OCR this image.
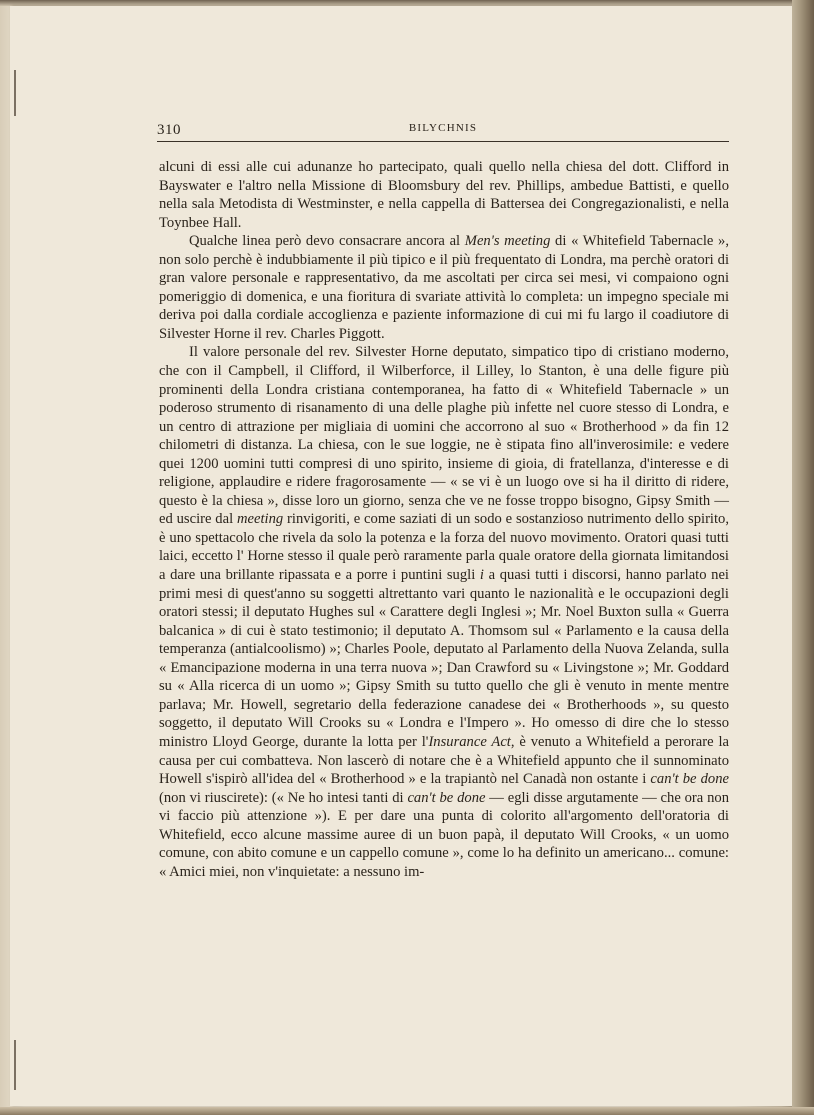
310	BILYCHNIS

alcuni di essi alle cui adunanze ho partecipato, quali quello nella chiesa del dott. Clifford in Bayswater e l'altro nella Missione di Bloomsbury del rev. Phillips, ambedue Battisti, e quello nella sala Metodista di Westminster, e nella cappella di Battersea dei Congregazionalisti, e nella Toynbee Hall.

Qualche linea però devo consacrare ancora al Men's meeting di « Whitefield Tabernacle », non solo perchè è indubbiamente il più tipico e il più frequentato di Londra, ma perchè oratori di gran valore personale e rappresentativo, da me ascoltati per circa sei mesi, vi compaiono ogni pomeriggio di domenica, e una fioritura di svariate attività lo completa: un impegno speciale mi deriva poi dalla cordiale accoglienza e paziente informazione di cui mi fu largo il coadiutore di Silvester Horne il rev. Charles Piggott.

Il valore personale del rev. Silvester Horne deputato, simpatico tipo di cristiano moderno, che con il Campbell, il Clifford, il Wilberforce, il Lilley, lo Stanton, è una delle figure più prominenti della Londra cristiana contemporanea, ha fatto di « Whitefield Tabernacle » un poderoso strumento di risanamento di una delle plaghe più infette nel cuore stesso di Londra, e un centro di attrazione per migliaia di uomini che accorrono al suo « Brotherhood » da fin 12 chilometri di distanza. La chiesa, con le sue loggie, ne è stipata fino all'inverosimile: e vedere quei 1200 uomini tutti compresi di uno spirito, insieme di gioia, di fratellanza, d'interesse e di religione, applaudire e ridere fragorosamente — « se vi è un luogo ove si ha il diritto di ridere, questo è la chiesa », disse loro un giorno, senza che ve ne fosse troppo bisogno, Gipsy Smith — ed uscire dal meeting rinvigoriti, e come saziati di un sodo e sostanzioso nutrimento dello spirito, è uno spettacolo che rivela da solo la potenza e la forza del nuovo movimento. Oratori quasi tutti laici, eccetto l' Horne stesso il quale però raramente parla quale oratore della giornata limitandosi a dare una brillante ripassata e a porre i puntini sugli i a quasi tutti i discorsi, hanno parlato nei primi mesi di quest'anno su soggetti altrettanto vari quanto le nazionalità e le occupazioni degli oratori stessi; il deputato Hughes sul « Carattere degli Inglesi »; Mr. Noel Buxton sulla « Guerra balcanica » di cui è stato testimonio; il deputato A. Thomsom sul « Parlamento e la causa della temperanza (antialcoolismo) »; Charles Poole, deputato al Parlamento della Nuova Zelanda, sulla « Emancipazione moderna in una terra nuova »; Dan Crawford su « Livingstone »; Mr. Goddard su « Alla ricerca di un uomo »; Gipsy Smith su tutto quello che gli è venuto in mente mentre parlava; Mr. Howell, segretario della federazione canadese dei « Brotherhoods », su questo soggetto, il deputato Will Crooks su « Londra e l'Impero ». Ho omesso di dire che lo stesso ministro Lloyd George, durante la lotta per l'Insurance Act, è venuto a Whitefield a perorare la causa per cui combatteva. Non lascerò di notare che è a Whitefield appunto che il sunnominato Howell s'ispirò all'idea del « Brotherhood » e la trapiantò nel Canadà non ostante i can't be done (non vi riuscirete): (« Ne ho intesi tanti di can't be done — egli disse argutamente — che ora non vi faccio più attenzione »). E per dare una punta di colorito all'argomento dell'oratoria di Whitefield, ecco alcune massime auree di un buon papà, il deputato Will Crooks, « un uomo comune, con abito comune e un cappello comune », come lo ha definito un americano... comune: « Amici miei, non v'inquietate: a nessuno im-
